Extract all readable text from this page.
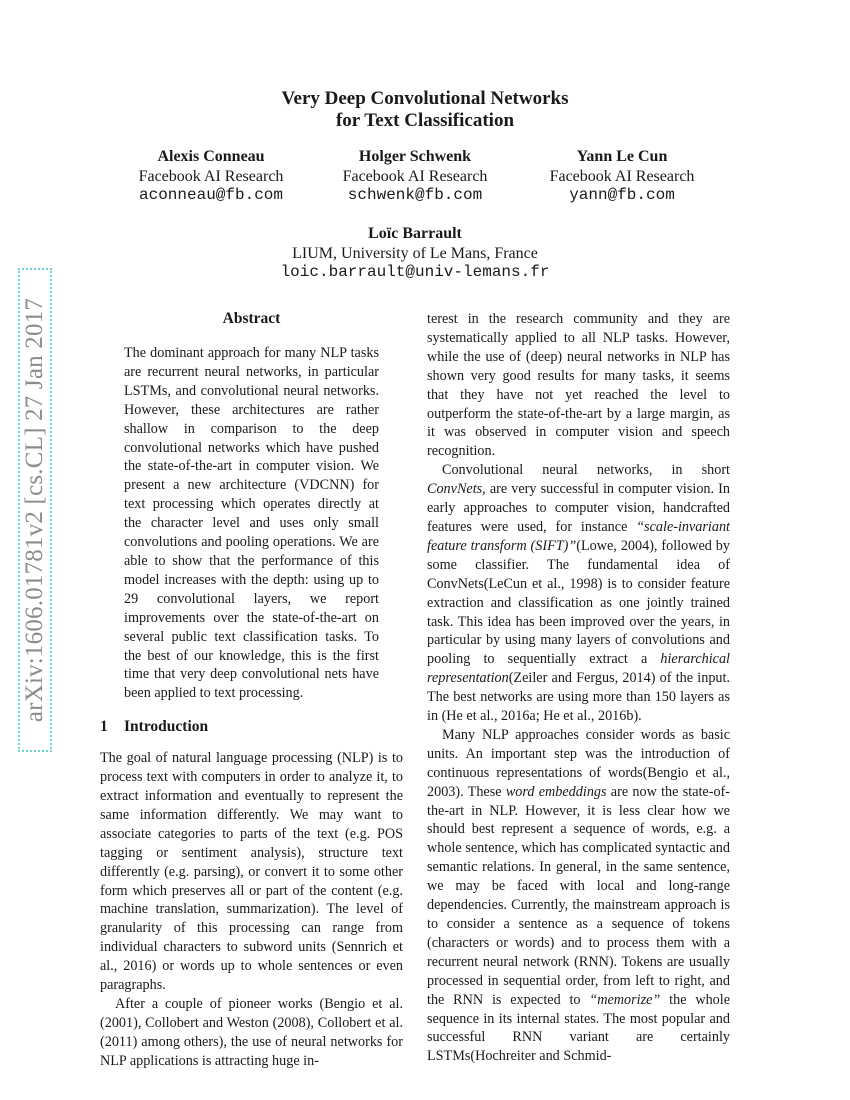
arXiv:1606.01781v2 [cs.CL] 27 Jan 2017
Very Deep Convolutional Networks
for Text Classification
Alexis Conneau
Facebook AI Research
aconneau@fb.com
Holger Schwenk
Facebook AI Research
schwenk@fb.com
Yann Le Cun
Facebook AI Research
yann@fb.com
Loïc Barrault
LIUM, University of Le Mans, France
loic.barrault@univ-lemans.fr
Abstract

The dominant approach for many NLP tasks are recurrent neural networks, in particular LSTMs, and convolutional neural networks. However, these architectures are rather shallow in comparison to the deep convolutional networks which have pushed the state-of-the-art in computer vision. We present a new architecture (VDCNN) for text processing which operates directly at the character level and uses only small convolutions and pooling operations. We are able to show that the performance of this model increases with the depth: using up to 29 convolutional layers, we report improvements over the state-of-the-art on several public text classification tasks. To the best of our knowledge, this is the first time that very deep convolutional nets have been applied to text processing.

1 Introduction

The goal of natural language processing (NLP) is to process text with computers in order to analyze it, to extract information and eventually to represent the same information differently. We may want to associate categories to parts of the text (e.g. POS tagging or sentiment analysis), structure text differently (e.g. parsing), or convert it to some other form which preserves all or part of the content (e.g. machine translation, summarization). The level of granularity of this processing can range from individual characters to subword units (Sennrich et al., 2016) or words up to whole sentences or even paragraphs.

After a couple of pioneer works (Bengio et al. (2001), Collobert and Weston (2008), Collobert et al. (2011) among others), the use of neural networks for NLP applications is attracting huge in-

terest in the research community and they are systematically applied to all NLP tasks. However, while the use of (deep) neural networks in NLP has shown very good results for many tasks, it seems that they have not yet reached the level to outperform the state-of-the-art by a large margin, as it was observed in computer vision and speech recognition.

Convolutional neural networks, in short ConvNets, are very successful in computer vision. In early approaches to computer vision, handcrafted features were used, for instance “scale-invariant feature transform (SIFT)”(Lowe, 2004), followed by some classifier. The fundamental idea of ConvNets(LeCun et al., 1998) is to consider feature extraction and classification as one jointly trained task. This idea has been improved over the years, in particular by using many layers of convolutions and pooling to sequentially extract a hierarchical representation(Zeiler and Fergus, 2014) of the input. The best networks are using more than 150 layers as in (He et al., 2016a; He et al., 2016b).

Many NLP approaches consider words as basic units. An important step was the introduction of continuous representations of words(Bengio et al., 2003). These word embeddings are now the state-of-the-art in NLP. However, it is less clear how we should best represent a sequence of words, e.g. a whole sentence, which has complicated syntactic and semantic relations. In general, in the same sentence, we may be faced with local and long-range dependencies. Currently, the mainstream approach is to consider a sentence as a sequence of tokens (characters or words) and to process them with a recurrent neural network (RNN). Tokens are usually processed in sequential order, from left to right, and the RNN is expected to “memorize” the whole sequence in its internal states. The most popular and successful RNN variant are certainly LSTMs(Hochreiter and Schmid-
